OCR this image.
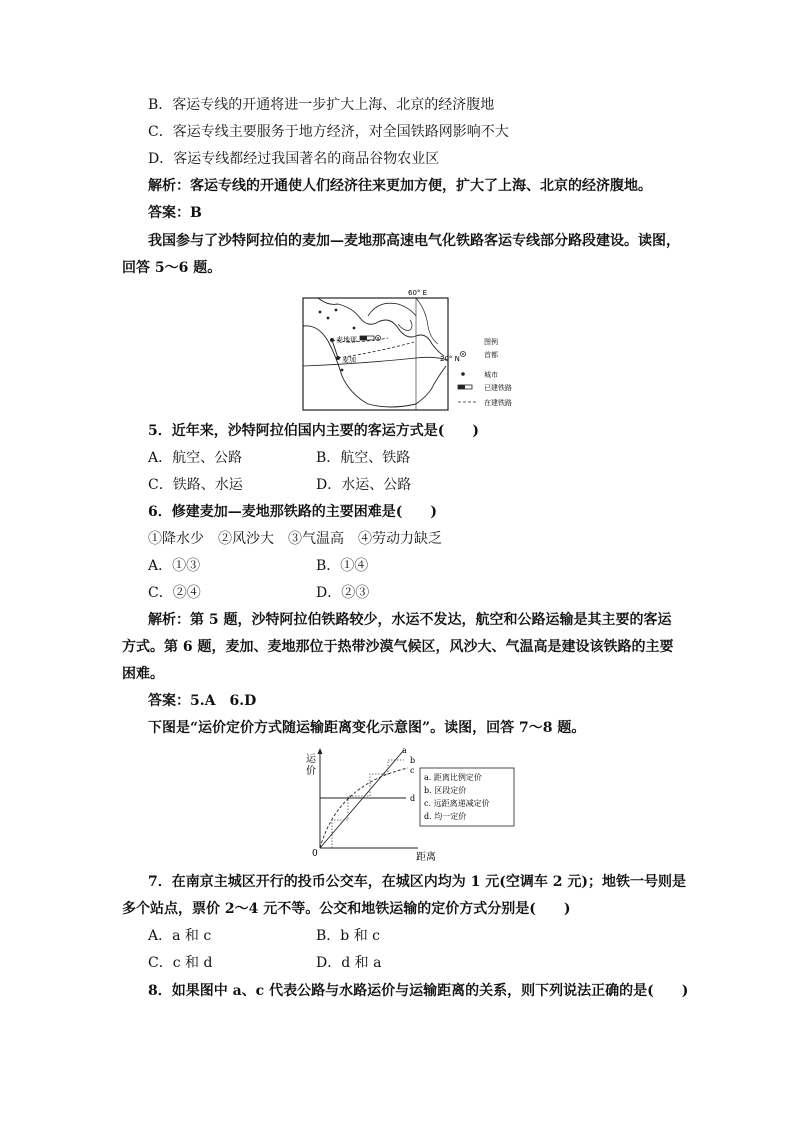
B．客运专线的开通将进一步扩大上海、北京的经济腹地
C．客运专线主要服务于地方经济，对全国铁路网影响不大
D．客运专线都经过我国著名的商品谷物农业区
解析：客运专线的开通使人们经济往来更加方便，扩大了上海、北京的经济腹地。
答案：B
我国参与了沙特阿拉伯的麦加—麦地那高速电气化铁路客运专线部分路段建设。读图，
回答 5～6 题。
60° E
20° N
麦地那
麦加
图例
首都
城市
已建铁路
在建铁路
5．近年来，沙特阿拉伯国内主要的客运方式是(　　)
A．航空、公路	B．航空、铁路
C．铁路、水运	D．水运、公路
6．修建麦加—麦地那铁路的主要困难是(　　)
①降水少　②风沙大　③气温高　④劳动力缺乏
A．①③	B．①④
C．②④	D．②③
解析：第 5 题，沙特阿拉伯铁路较少，水运不发达，航空和公路运输是其主要的客运
方式。第 6 题，麦加、麦地那位于热带沙漠气候区，风沙大、气温高是建设该铁路的主要
困难。
答案：5.A　6.D
下图是“运价定价方式随运输距离变化示意图”。读图，回答 7～8 题。
运
价
0	距离
a
b
c
d
a. 距离比例定价
b. 区段定价
c. 远距离递减定价
d. 均一定价
7．在南京主城区开行的投币公交车，在城区内均为 1 元(空调车 2 元)；地铁一号则是
多个站点，票价 2～4 元不等。公交和地铁运输的定价方式分别是(　　)
A．a 和 c	B．b 和 c
C．c 和 d	D．d 和 a
8．如果图中 a、c 代表公路与水路运价与运输距离的关系，则下列说法正确的是(　　)
